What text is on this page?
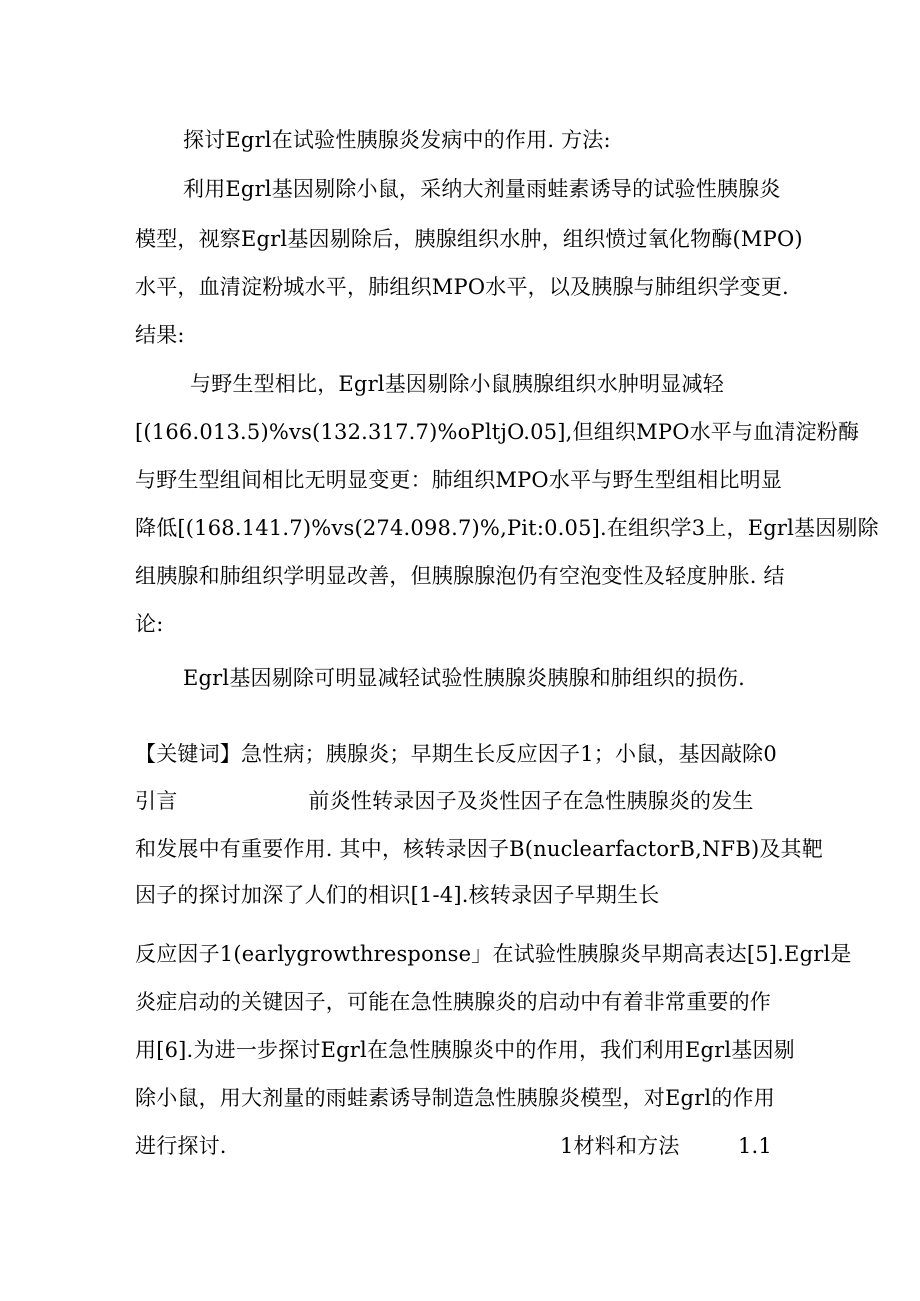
探讨Egrl在试验性胰腺炎发病中的作用. 方法:
利用Egrl基因剔除小鼠，采纳大剂量雨蛙素诱导的试验性胰腺炎
模型，视察Egrl基因剔除后，胰腺组织水肿，组织愤过氧化物酶(MPO)
水平，血清淀粉城水平，肺组织MPO水平，以及胰腺与肺组织学变更.
结果:
与野生型相比，Egrl基因剔除小鼠胰腺组织水肿明显减轻
[(166.013.5)%vs(132.317.7)%oPltjO.05],但组织MPO水平与血清淀粉酶
与野生型组间相比无明显变更：肺组织MPO水平与野生型组相比明显
降低[(168.141.7)%vs(274.098.7)%,Pit:0.05].在组织学3上，Egrl基因剔除
组胰腺和肺组织学明显改善，但胰腺腺泡仍有空泡变性及轻度肿胀. 结
论:
Egrl基因剔除可明显减轻试验性胰腺炎胰腺和肺组织的损伤.
【关键词】急性病；胰腺炎；早期生长反应因子1；小鼠，基因敲除0
引言	前炎性转录因子及炎性因子在急性胰腺炎的发生
和发展中有重要作用. 其中，核转录因子B(nuclearfactorB,NFB)及其靶
因子的探讨加深了人们的相识[1-4].核转录因子早期生长
反应因子1(earlygrowthresponse」在试验性胰腺炎早期高表达[5].Egrl是
炎症启动的关键因子，可能在急性胰腺炎的启动中有着非常重要的作
用[6].为进一步探讨Egrl在急性胰腺炎中的作用，我们利用Egrl基因剔
除小鼠，用大剂量的雨蛙素诱导制造急性胰腺炎模型，对Egrl的作用
进行探讨.	1材料和方法	1.1
